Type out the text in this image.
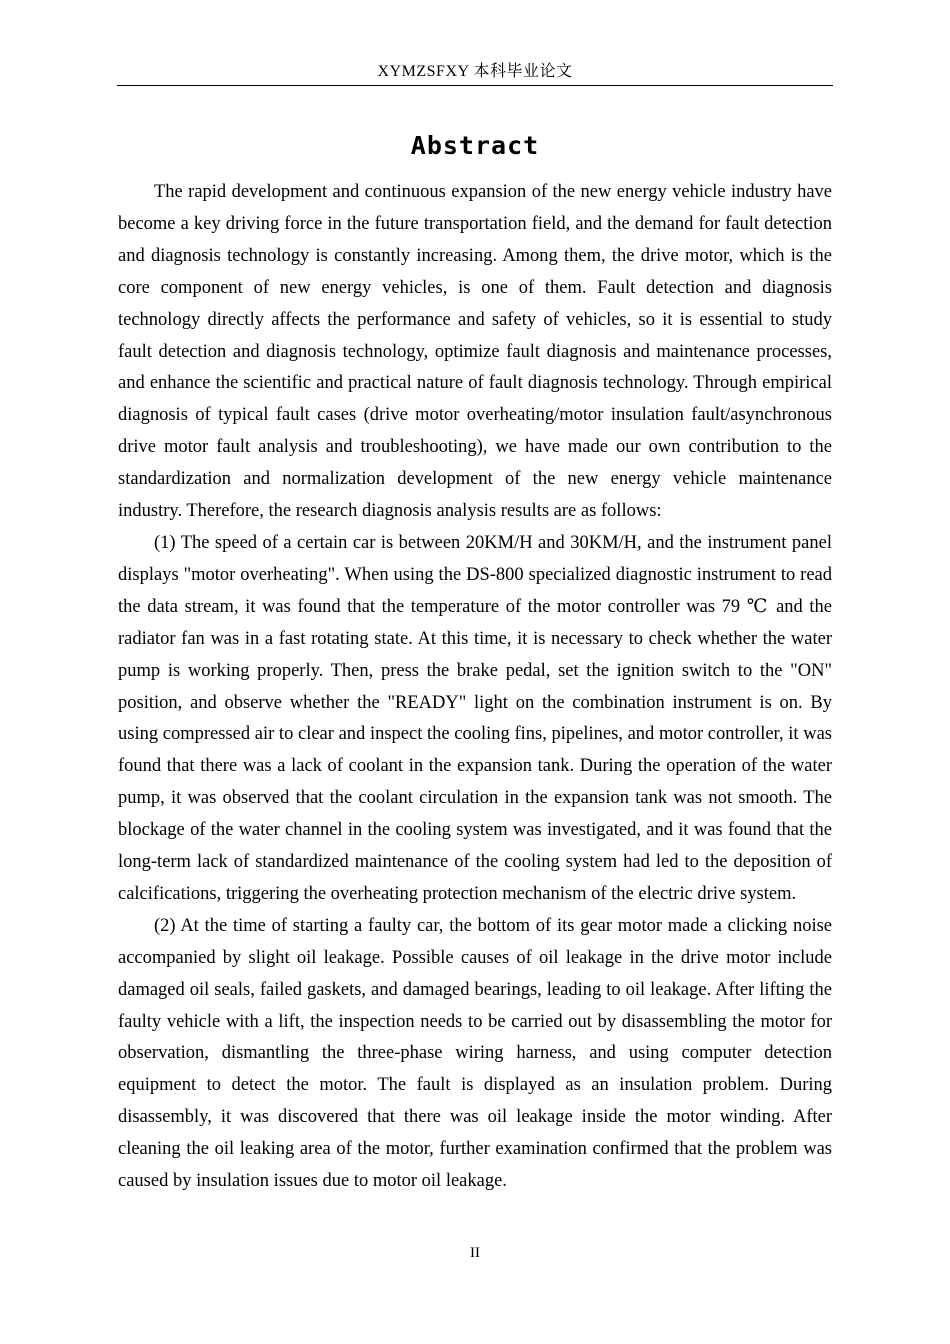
XYMZSFXY 本科毕业论文
Abstract

The rapid development and continuous expansion of the new energy vehicle industry have become a key driving force in the future transportation field, and the demand for fault detection and diagnosis technology is constantly increasing. Among them, the drive motor, which is the core component of new energy vehicles, is one of them. Fault detection and diagnosis technology directly affects the performance and safety of vehicles, so it is essential to study fault detection and diagnosis technology, optimize fault diagnosis and maintenance processes, and enhance the scientific and practical nature of fault diagnosis technology. Through empirical diagnosis of typical fault cases (drive motor overheating/motor insulation fault/asynchronous drive motor fault analysis and troubleshooting), we have made our own contribution to the standardization and normalization development of the new energy vehicle maintenance industry. Therefore, the research diagnosis analysis results are as follows:

(1) The speed of a certain car is between 20KM/H and 30KM/H, and the instrument panel displays "motor overheating". When using the DS-800 specialized diagnostic instrument to read the data stream, it was found that the temperature of the motor controller was 79 ℃ and the radiator fan was in a fast rotating state. At this time, it is necessary to check whether the water pump is working properly. Then, press the brake pedal, set the ignition switch to the "ON" position, and observe whether the "READY" light on the combination instrument is on. By using compressed air to clear and inspect the cooling fins, pipelines, and motor controller, it was found that there was a lack of coolant in the expansion tank. During the operation of the water pump, it was observed that the coolant circulation in the expansion tank was not smooth. The blockage of the water channel in the cooling system was investigated, and it was found that the long-term lack of standardized maintenance of the cooling system had led to the deposition of calcifications, triggering the overheating protection mechanism of the electric drive system.

(2) At the time of starting a faulty car, the bottom of its gear motor made a clicking noise accompanied by slight oil leakage. Possible causes of oil leakage in the drive motor include damaged oil seals, failed gaskets, and damaged bearings, leading to oil leakage. After lifting the faulty vehicle with a lift, the inspection needs to be carried out by disassembling the motor for observation, dismantling the three-phase wiring harness, and using computer detection equipment to detect the motor. The fault is displayed as an insulation problem. During disassembly, it was discovered that there was oil leakage inside the motor winding. After cleaning the oil leaking area of the motor, further examination confirmed that the problem was caused by insulation issues due to motor oil leakage.

II
